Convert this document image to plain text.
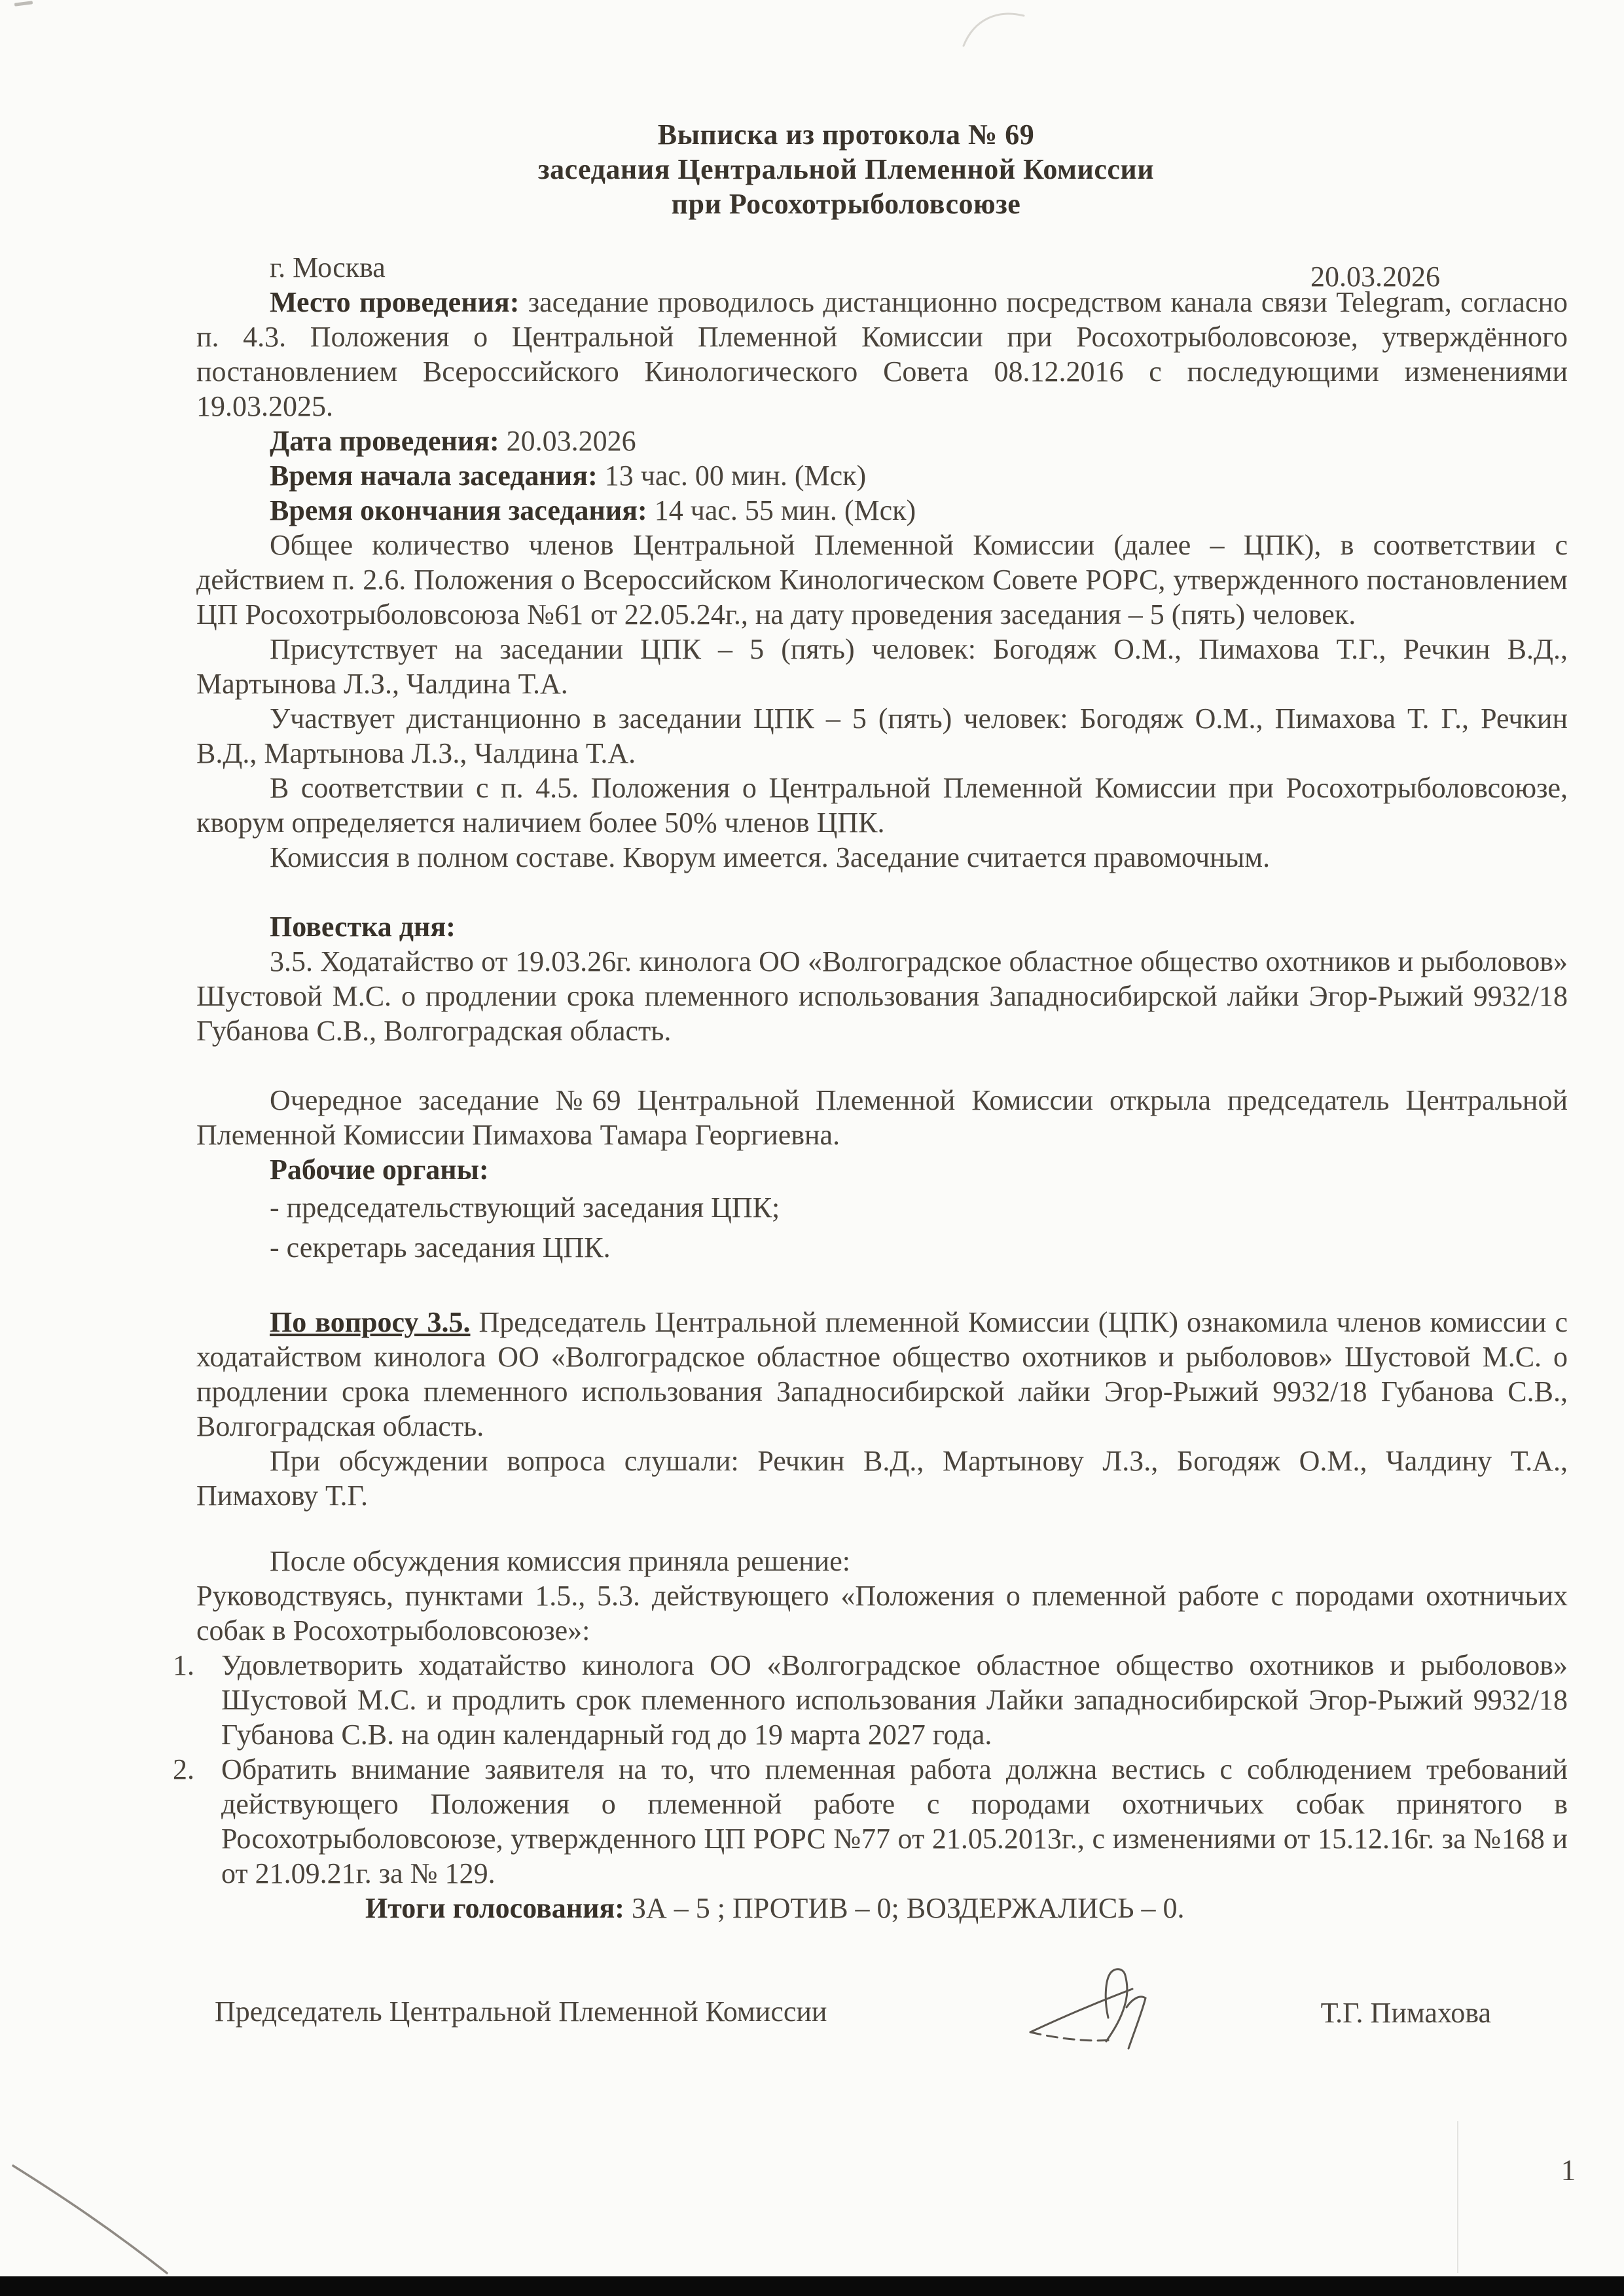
Выписка из протокола № 69
заседания Центральной Племенной Комиссии
при Росохотрыболовсоюзе
г. Москва	20.03.2026

Место проведения: заседание проводилось дистанционно посредством канала связи Telegram, согласно п. 4.3. Положения о Центральной Племенной Комиссии при Росохотрыболовсоюзе, утверждённого постановлением Всероссийского Кинологического Совета 08.12.2016 с последующими изменениями 19.03.2025.

Дата проведения: 20.03.2026

Время начала заседания: 13 час. 00 мин. (Мск)

Время окончания заседания: 14 час. 55 мин. (Мск)

Общее количество членов Центральной Племенной Комиссии (далее – ЦПК), в соответствии с действием п. 2.6. Положения о Всероссийском Кинологическом Совете РОРС, утвержденного постановлением ЦП Росохотрыболовсоюза №61 от 22.05.24г., на дату проведения заседания – 5 (пять) человек.

Присутствует на заседании ЦПК – 5 (пять) человек: Богодяж О.М., Пимахова Т.Г., Речкин В.Д., Мартынова Л.З., Чалдина Т.А.

Участвует дистанционно в заседании ЦПК – 5 (пять) человек: Богодяж О.М., Пимахова Т. Г., Речкин В.Д., Мартынова Л.З., Чалдина Т.А.

В соответствии с п. 4.5. Положения о Центральной Племенной Комиссии при Росохотрыболовсоюзе, кворум определяется наличием более 50% членов ЦПК.

Комиссия в полном составе. Кворум имеется. Заседание считается правомочным.

Повестка дня:

3.5. Ходатайство от 19.03.26г. кинолога ОО «Волгоградское областное общество охотников и рыболовов» Шустовой М.С. о продлении срока племенного использования Западносибирской лайки Эгор-Рыжий 9932/18 Губанова С.В., Волгоградская область.

Очередное заседание №69 Центральной Племенной Комиссии открыла председатель Центральной Племенной Комиссии Пимахова Тамара Георгиевна.

Рабочие органы:

- председательствующий заседания ЦПК;

- секретарь заседания ЦПК.

По вопросу 3.5. Председатель Центральной племенной Комиссии (ЦПК) ознакомила членов комиссии с ходатайством кинолога ОО «Волгоградское областное общество охотников и рыболовов» Шустовой М.С. о продлении срока племенного использования Западносибирской лайки Эгор-Рыжий 9932/18 Губанова С.В., Волгоградская область.

При обсуждении вопроса слушали: Речкин В.Д., Мартынову Л.З., Богодяж О.М., Чалдину Т.А., Пимахову Т.Г.

После обсуждения комиссия приняла решение:

Руководствуясь, пунктами 1.5., 5.3. действующего «Положения о племенной работе с породами охотничьих собак в Росохотрыболовсоюзе»:

1. Удовлетворить ходатайство кинолога ОО «Волгоградское областное общество охотников и рыболовов» Шустовой М.С. и продлить срок племенного использования Лайки западносибирской Эгор-Рыжий 9932/18 Губанова С.В. на один календарный год до 19 марта 2027 года.

2. Обратить внимание заявителя на то, что племенная работа должна вестись с соблюдением требований действующего Положения о племенной работе с породами охотничьих собак принятого в Росохотрыболовсоюзе, утвержденного ЦП РОРС №77 от 21.05.2013г., с изменениями от 15.12.16г. за №168 и от 21.09.21г. за № 129.

Итоги голосования: ЗА – 5 ; ПРОТИВ – 0; ВОЗДЕРЖАЛИСЬ – 0.

Председатель Центральной Племенной Комиссии	Т.Г. Пимахова
1
